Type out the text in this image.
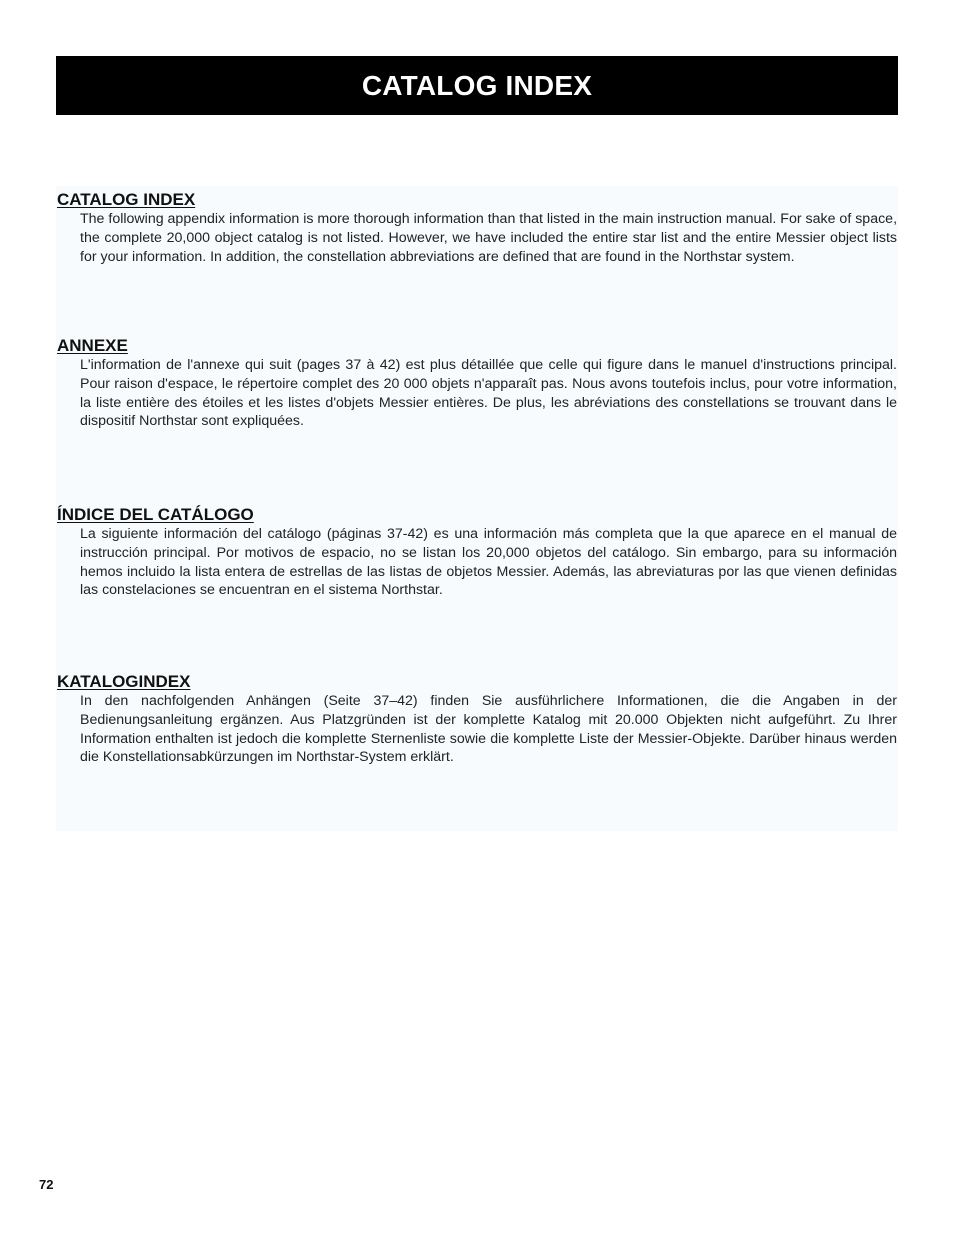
CATALOG INDEX
CATALOG INDEX

The following appendix information is more thorough information than that listed in the main instruction manual. For sake of space, the complete 20,000 object catalog is not listed. However, we have included the entire star list and the entire Messier object lists for your information. In addition, the constellation abbreviations are defined that are found in the Northstar system.

ANNEXE

L'information de l'annexe qui suit (pages 37 à 42) est plus détaillée que celle qui figure dans le manuel d'instructions principal. Pour raison d'espace, le répertoire complet des 20 000 objets n'apparaît pas. Nous avons toutefois inclus, pour votre information, la liste entière des étoiles et les listes d'objets Messier entières. De plus, les abréviations des constellations se trouvant dans le dispositif Northstar sont expliquées.

ÍNDICE DEL CATÁLOGO

La siguiente información del catálogo (páginas 37-42) es una información más completa que la que aparece en el manual de instrucción principal. Por motivos de espacio, no se listan los 20,000 objetos del catálogo. Sin embargo, para su información hemos incluido la lista entera de estrellas de las listas de objetos Messier. Además, las abreviaturas por las que vienen definidas las constelaciones se encuentran en el sistema Northstar.

KATALOGINDEX

In den nachfolgenden Anhängen (Seite 37–42) finden Sie ausführlichere Informationen, die die Angaben in der Bedienungsanleitung ergänzen. Aus Platzgründen ist der komplette Katalog mit 20.000 Objekten nicht aufgeführt. Zu Ihrer Information enthalten ist jedoch die komplette Sternenliste sowie die komplette Liste der Messier-Objekte. Darüber hinaus werden die Konstellationsabkürzungen im Northstar-System erklärt.

72
